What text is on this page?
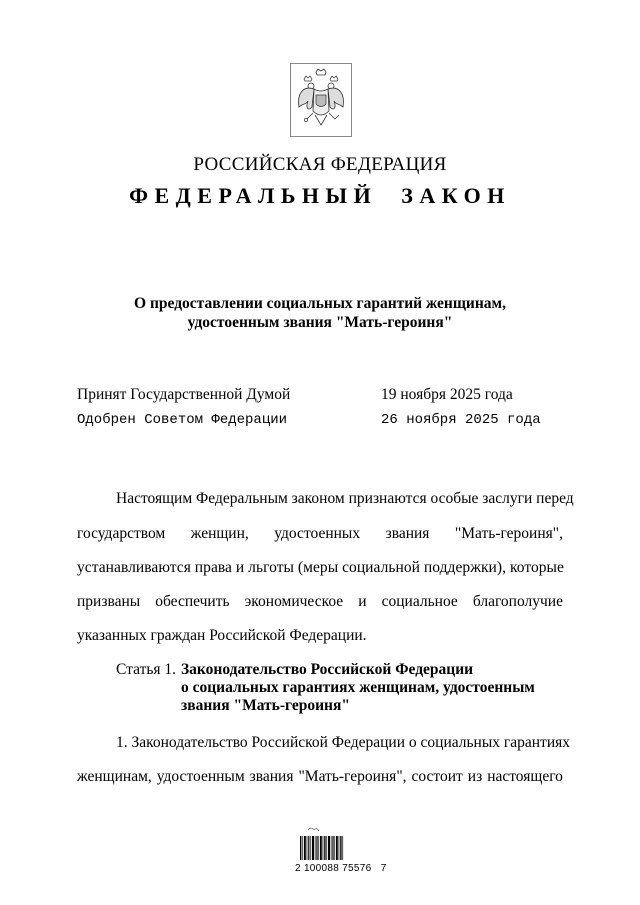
РОССИЙСКАЯ ФЕДЕРАЦИЯ
ФЕДЕРАЛЬНЫЙ  ЗАКОН
О предоставлении социальных гарантий женщинам,
удостоенным звания "Мать-героиня"
Принят Государственной Думой	19 ноября 2025 года
Одобрен Советом Федерации	26 ноября 2025 года
Настоящим Федеральным законом признаются особые заслуги перед
государством женщин, удостоенных звания "Мать-героиня",
устанавливаются права и льготы (меры социальной поддержки), которые
призваны обеспечить экономическое и социальное благополучие
указанных граждан Российской Федерации.
Статья 1. Законодательство Российской Федерации
о социальных гарантиях женщинам, удостоенным
звания "Мать-героиня"
1. Законодательство Российской Федерации о социальных гарантиях
женщинам, удостоенным звания "Мать-героиня", состоит из настоящего
2 100088 75576   7
